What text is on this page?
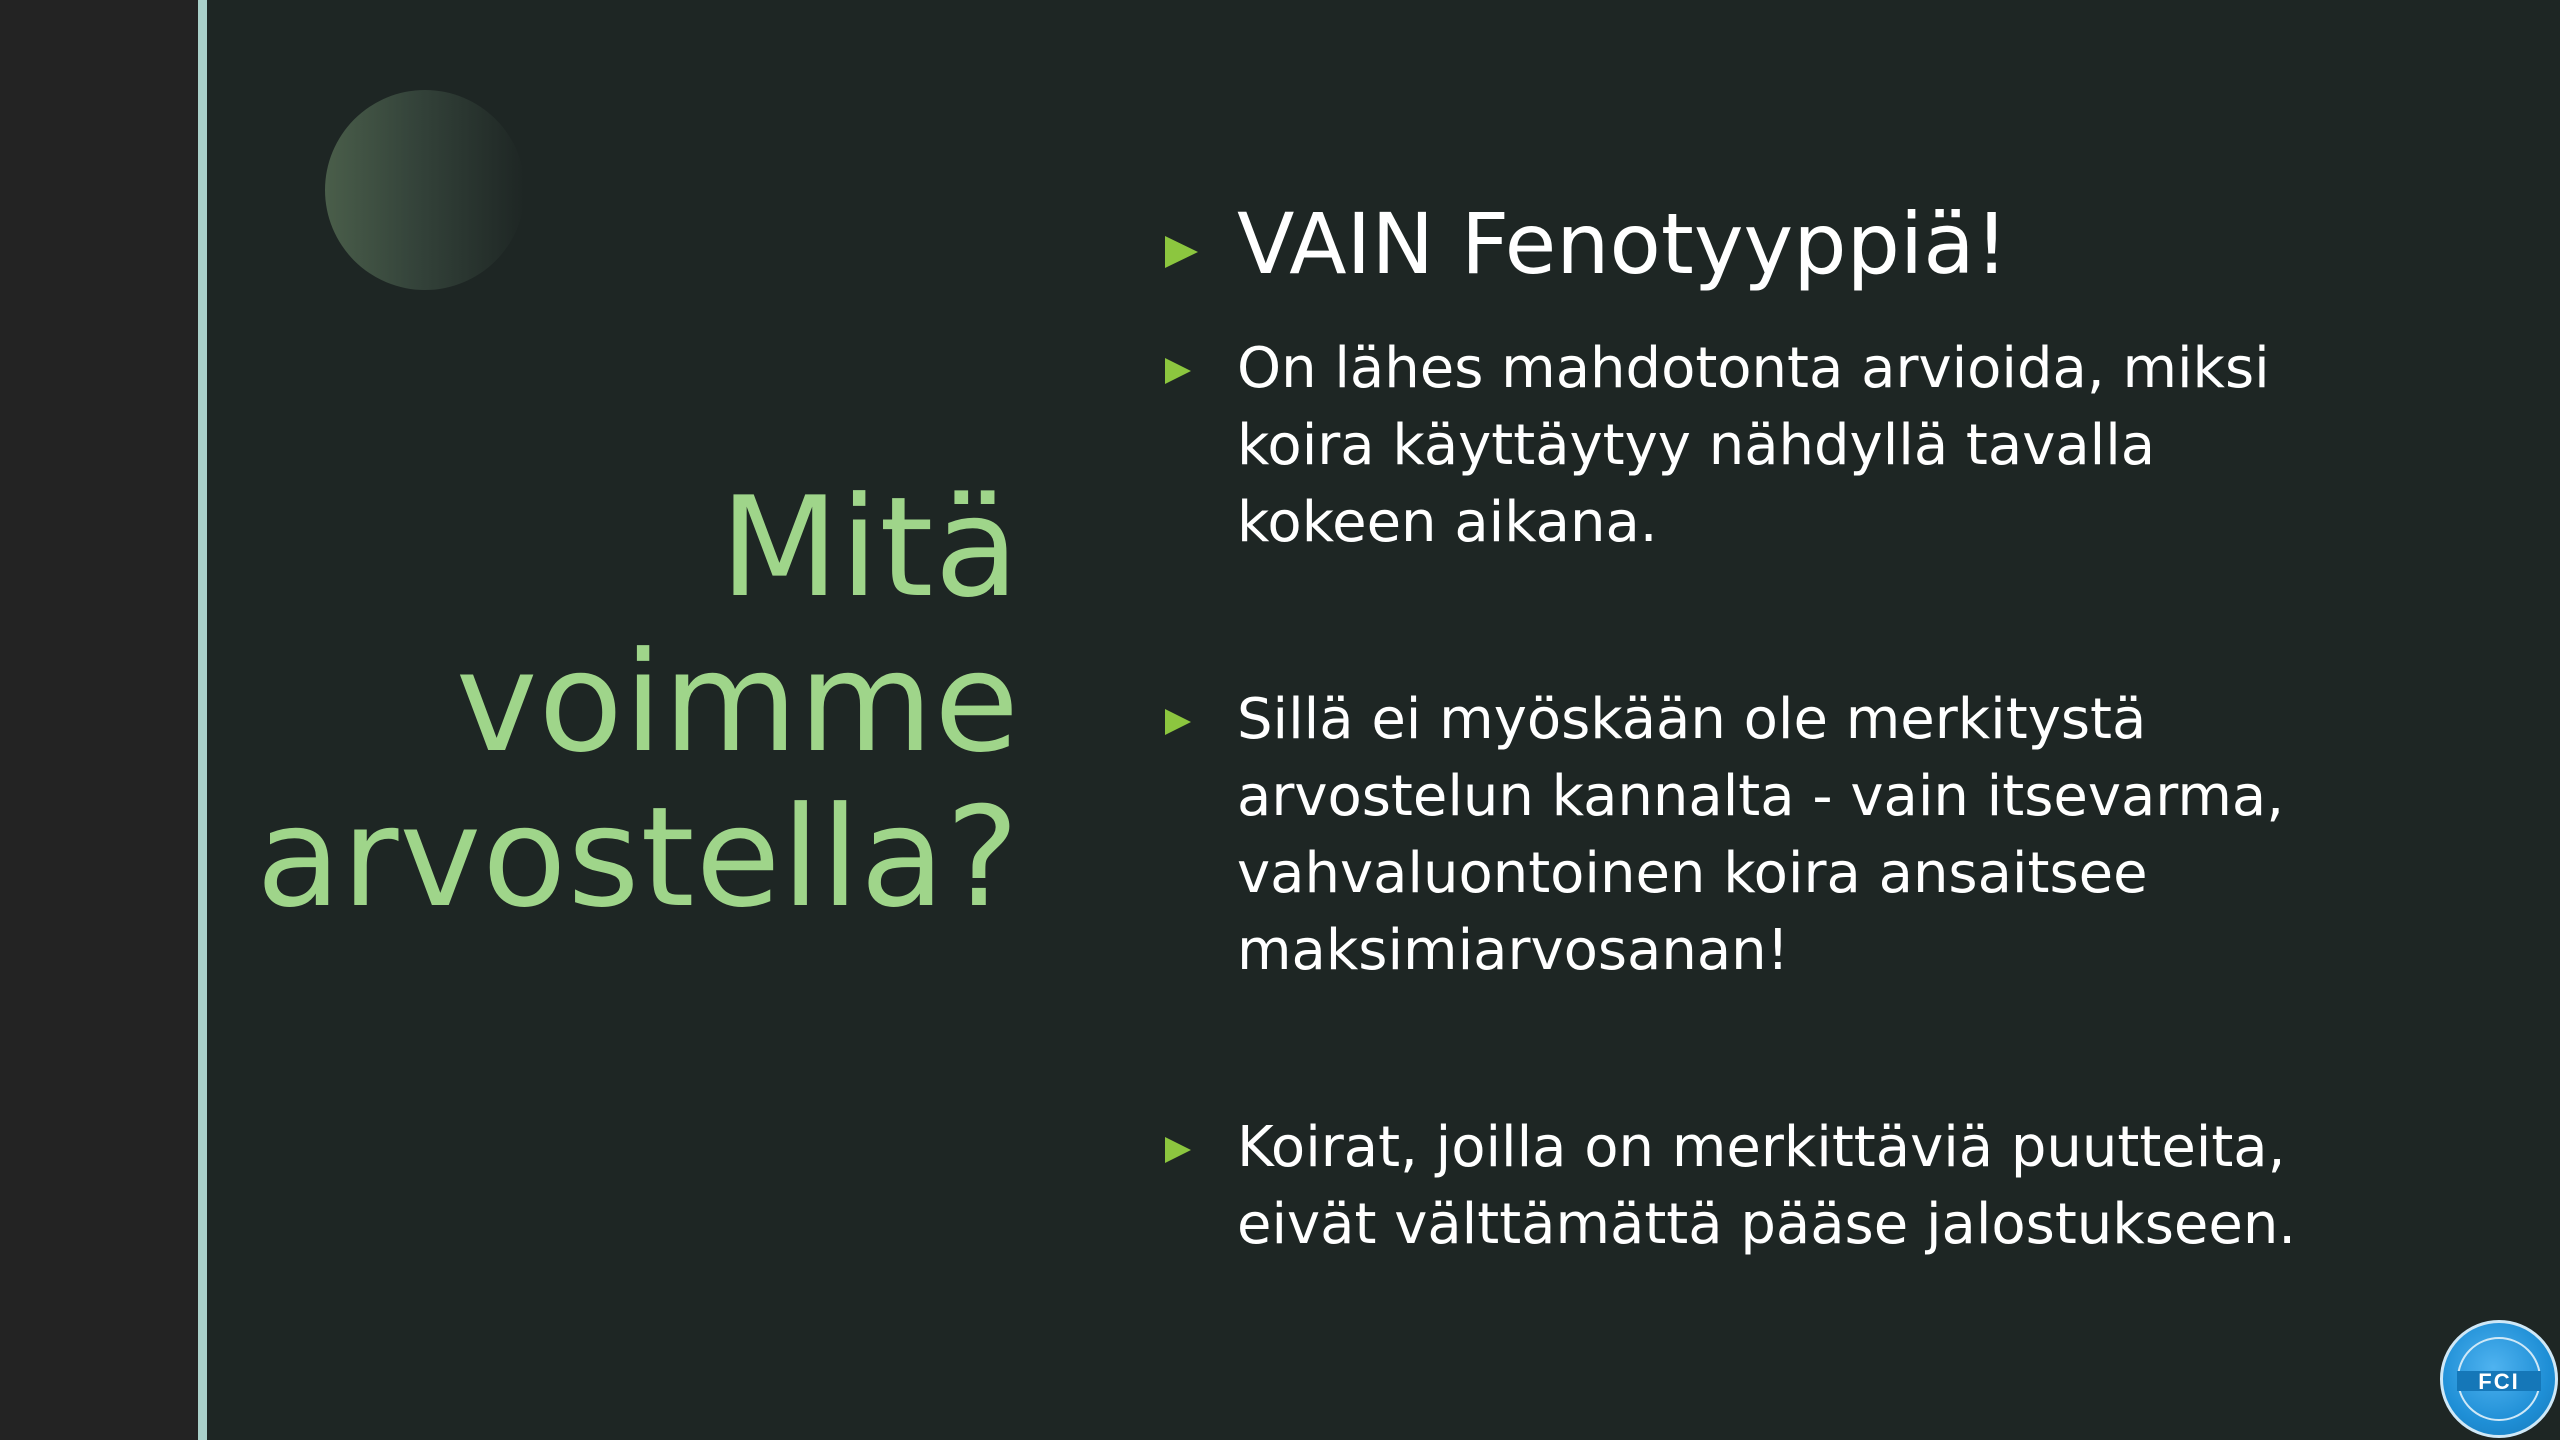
Mitä
voimme
arvostella?
VAIN Fenotyyppiä!
On lähes mahdotonta arvioida, miksi koira käyttäytyy nähdyllä tavalla kokeen aikana.
Sillä ei myöskään ole merkitystä arvostelun kannalta - vain itsevarma, vahvaluontoinen koira ansaitsee maksimiarvosanan!
Koirat, joilla on merkittäviä puutteita, eivät välttämättä pääse jalostukseen.
FCI
